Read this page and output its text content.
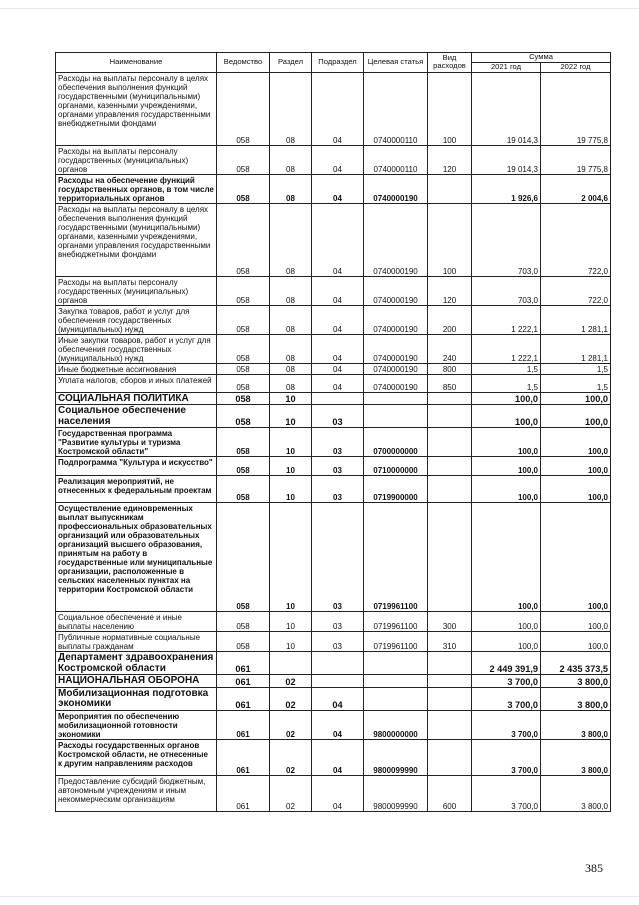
Наименование	Ведомство	Раздел	Подраздел	Целевая статья	Вид расходов	Сумма	
						2021 год	2022 год
Расходы на выплаты персоналу в целях обеспечения выполнения функций государственными (муниципальными) органами, казенными учреждениями, органами управления государственными внебюджетными фондами	058	08	04	0740000110	100	19 014,3	19 775,8
Расходы на выплаты персоналу государственных (муниципальных) органов	058	08	04	0740000110	120	19 014,3	19 775,8
Расходы на обеспечение функций государственных органов, в том числе территориальных органов	058	08	04	0740000190		1 926,6	2 004,6
Расходы на выплаты персоналу в целях обеспечения выполнения функций государственными (муниципальными) органами, казенными учреждениями, органами управления государственными внебюджетными фондами	058	08	04	0740000190	100	703,0	722,0
Расходы на выплаты персоналу государственных (муниципальных) органов	058	08	04	0740000190	120	703,0	722,0
Закупка товаров, работ и услуг для обеспечения государственных (муниципальных) нужд	058	08	04	0740000190	200	1 222,1	1 281,1
Иные закупки товаров, работ и услуг для обеспечения государственных (муниципальных) нужд	058	08	04	0740000190	240	1 222,1	1 281,1
Иные бюджетные ассигнования	058	08	04	0740000190	800	1,5	1,5
Уплата налогов, сборов и иных платежей	058	08	04	0740000190	850	1,5	1,5
СОЦИАЛЬНАЯ ПОЛИТИКА	058	10				100,0	100,0
Социальное обеспечение населения	058	10	03			100,0	100,0
Государственная программа "Развитие культуры и туризма Костромской области"	058	10	03	0700000000		100,0	100,0
Подпрограмма "Культура и искусство"	058	10	03	0710000000		100,0	100,0
Реализация мероприятий, не отнесенных к федеральным проектам	058	10	03	0719900000		100,0	100,0
Осуществление единовременных выплат выпускникам профессиональных образовательных организаций или образовательных организаций высшего образования, принятым на работу в государственные или муниципальные организации, расположенные в сельских населенных пунктах на территории Костромской области	058	10	03	0719961100		100,0	100,0
Социальное обеспечение и иные выплаты населению	058	10	03	0719961100	300	100,0	100,0
Публичные нормативные социальные выплаты гражданам	058	10	03	0719961100	310	100,0	100,0
Департамент здравоохранения Костромской области	061					2 449 391,9	2 435 373,5
НАЦИОНАЛЬНАЯ ОБОРОНА	061	02				3 700,0	3 800,0
Мобилизационная подготовка экономики	061	02	04			3 700,0	3 800,0
Мероприятия по обеспечению мобилизационной готовности экономики	061	02	04	9800000000		3 700,0	3 800,0
Расходы государственных органов Костромской области, не отнесенные к другим направлениям расходов	061	02	04	9800099990		3 700,0	3 800,0
Предоставление субсидий бюджетным, автономным учреждениям и иным некоммерческим организациям	061	02	04	9800099990	600	3 700,0	3 800,0
385
